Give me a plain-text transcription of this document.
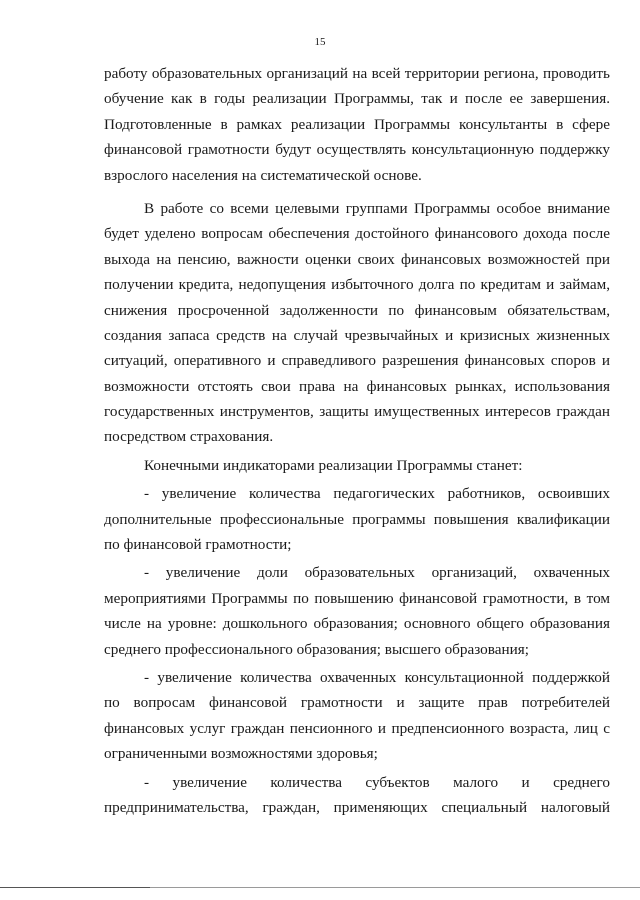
15
работу образовательных организаций на всей территории региона, проводить
обучение как в годы реализации Программы, так и после ее завершения.
Подготовленные в рамках реализации Программы консультанты в сфере
финансовой грамотности будут осуществлять консультационную поддержку
взрослого населения на систематической основе.
В работе со всеми целевыми группами Программы особое внимание
будет уделено вопросам обеспечения достойного финансового дохода после
выхода на пенсию, важности оценки своих финансовых возможностей при
получении кредита, недопущения избыточного долга по кредитам и займам,
снижения просроченной задолженности по финансовым обязательствам,
создания запаса средств на случай чрезвычайных и кризисных жизненных
ситуаций, оперативного и справедливого разрешения финансовых споров и
возможности отстоять свои права на финансовых рынках, использования
государственных инструментов, защиты имущественных интересов граждан
посредством страхования.
Конечными индикаторами реализации Программы станет:
- увеличение количества педагогических работников, освоивших
дополнительные профессиональные программы повышения квалификации
по финансовой грамотности;
- увеличение доли образовательных организаций, охваченных
мероприятиями Программы по повышению финансовой грамотности, в том
числе на уровне: дошкольного образования; основного общего образования
среднего профессионального образования; высшего образования;
- увеличение количества охваченных консультационной поддержкой
по вопросам финансовой грамотности и защите прав потребителей
финансовых услуг граждан пенсионного и предпенсионного возраста, лиц с
ограниченными возможностями здоровья;
- увеличение количества субъектов малого и среднего
предпринимательства, граждан, применяющих специальный налоговый
